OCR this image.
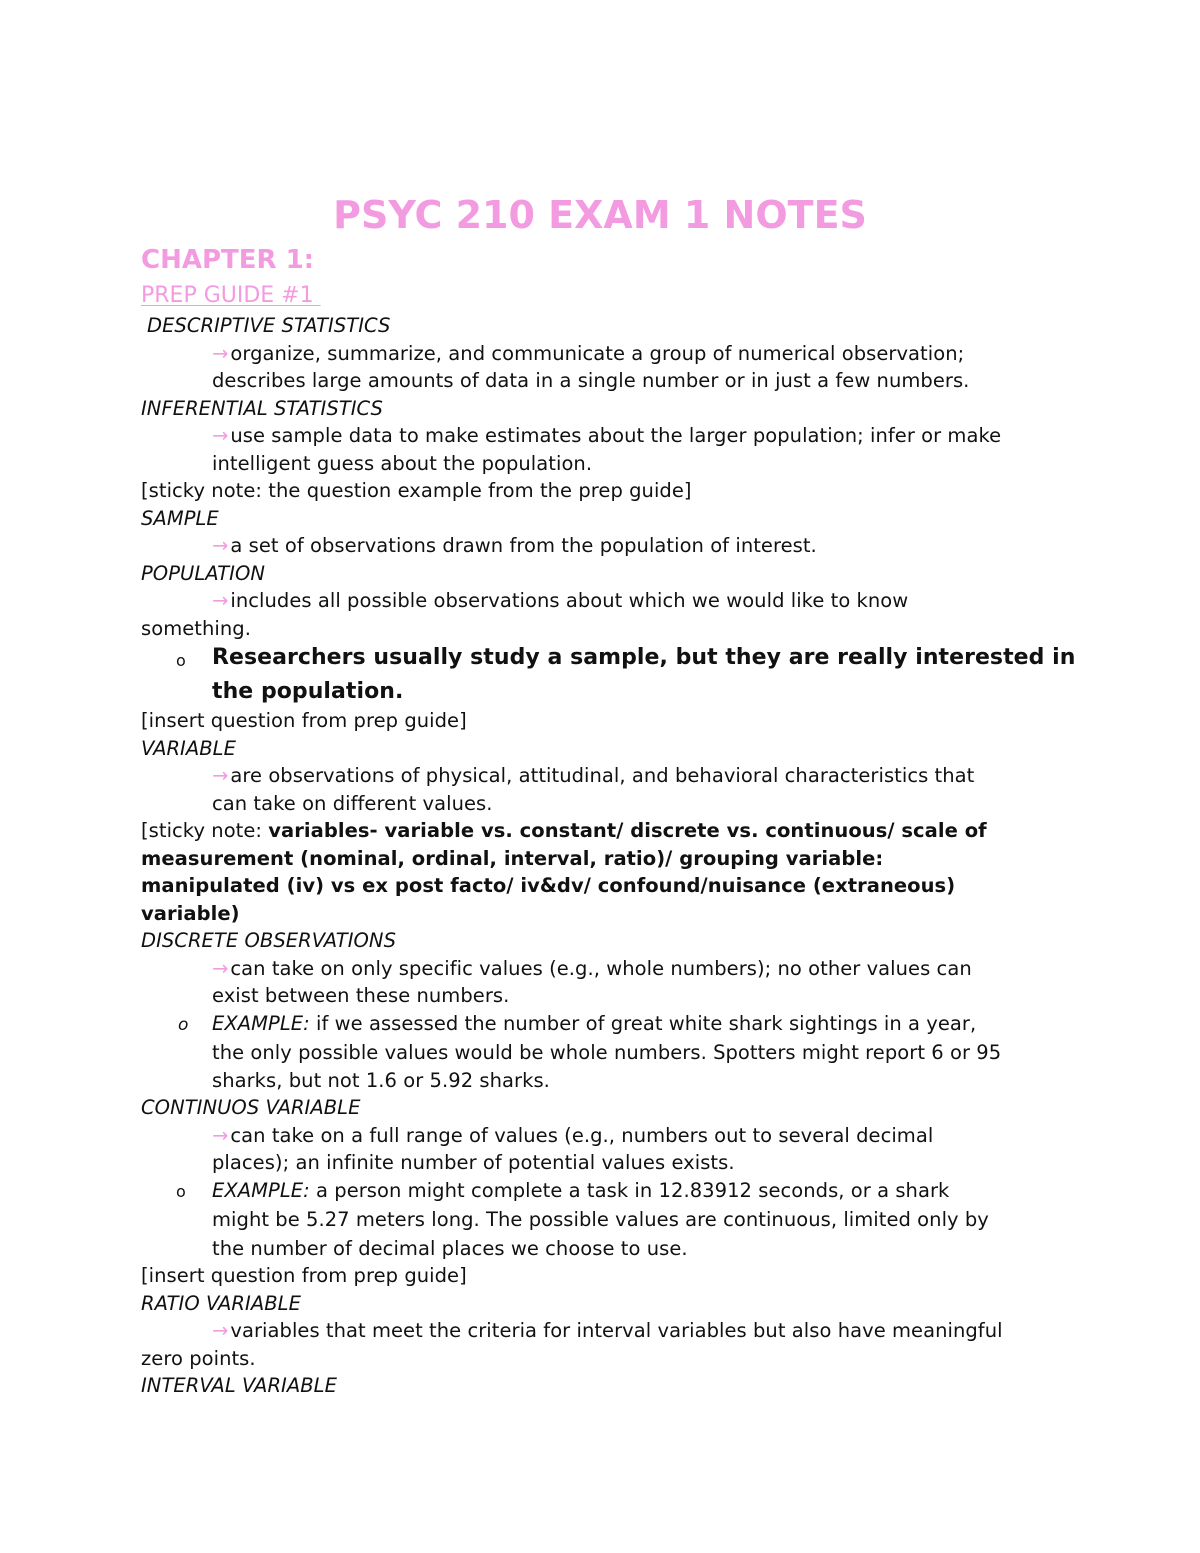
PSYC 210 EXAM 1 NOTES
CHAPTER 1:
PREP GUIDE #1
DESCRIPTIVE STATISTICS
→ organize, summarize, and communicate a group of numerical observation;
describes large amounts of data in a single number or in just a few numbers.
INFERENTIAL STATISTICS
→ use sample data to make estimates about the larger population; infer or make
intelligent guess about the population.
[sticky note: the question example from the prep guide]
SAMPLE
→ a set of observations drawn from the population of interest.
POPULATION
→ includes all possible observations about which we would like to know
something.
o Researchers usually study a sample, but they are really interested in
the population.
[insert question from prep guide]
VARIABLE
→ are observations of physical, attitudinal, and behavioral characteristics that
can take on different values.
[sticky note: variables- variable vs. constant/ discrete vs. continuous/ scale of
measurement (nominal, ordinal, interval, ratio)/ grouping variable:
manipulated (iv) vs ex post facto/ iv&dv/ confound/nuisance (extraneous)
variable)
DISCRETE OBSERVATIONS
→ can take on only specific values (e.g., whole numbers); no other values can
exist between these numbers.
o EXAMPLE: if we assessed the number of great white shark sightings in a year,
the only possible values would be whole numbers. Spotters might report 6 or 95
sharks, but not 1.6 or 5.92 sharks.
CONTINUOS VARIABLE
→ can take on a full range of values (e.g., numbers out to several decimal
places); an infinite number of potential values exists.
o EXAMPLE: a person might complete a task in 12.83912 seconds, or a shark
might be 5.27 meters long. The possible values are continuous, limited only by
the number of decimal places we choose to use.
[insert question from prep guide]
RATIO VARIABLE
→ variables that meet the criteria for interval variables but also have meaningful
zero points.
INTERVAL VARIABLE
